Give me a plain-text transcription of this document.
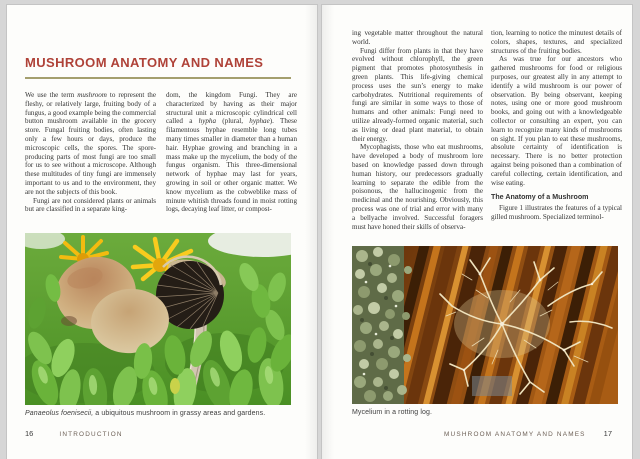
MUSHROOM ANATOMY AND NAMES

We use the term mushroom to represent the fleshy, or relatively large, fruiting body of a fungus, a good example being the commercial button mushroom available in the grocery store. Fungal fruiting bodies, often lasting only a few hours or days, produce the microscopic cells, the spores. The spore-producing parts of most fungi are too small for us to see without a microscope. Although these multitudes of tiny fungi are immensely important to us and to the environment, they are not the subjects of this book.

Fungi are not considered plants or animals but are classified in a separate king-

dom, the kingdom Fungi. They are characterized by having as their major structural unit a microscopic cylindrical cell called a hypha (plural, hyphae). These filamentous hyphae resemble long tubes many times smaller in diameter than a human hair. Hyphae growing and branching in a mass make up the mycelium, the body of the fungus organism. This three-dimensional network of hyphae may last for years, growing in soil or other organic matter. We know mycelium as the cobweblike mass of minute whitish threads found in moist rotting logs, decaying leaf litter, or compost-

Panaeolus foenisecii, a ubiquitous mushroom in grassy areas and gardens.
16	INTRODUCTION

ing vegetable matter throughout the natural world.

Fungi differ from plants in that they have evolved without chlorophyll, the green pigment that promotes photosynthesis in green plants. This life-giving chemical process uses the sun’s energy to make carbohydrates. Nutritional requirements of fungi are similar in some ways to those of humans and other animals: Fungi need to utilize already-formed organic material, such as living or dead plant material, to obtain their energy.

Mycophagists, those who eat mushrooms, have developed a body of mushroom lore based on knowledge passed down through human history, our predecessors gradually learning to separate the edible from the poisonous, the hallucinogenic from the medicinal and the nourishing. Obviously, this process was one of trial and error with many a bellyache involved. Successful foragers must have honed their skills of observa-

tion, learning to notice the minutest details of colors, shapes, textures, and specialized structures of the fruiting bodies.

As was true for our ancestors who gathered mushrooms for food or religious purposes, our greatest ally in any attempt to identify a wild mushroom is our power of observation. By being observant, keeping notes, using one or more good mushroom books, and going out with a knowledgeable collector or consulting an expert, you can learn to recognize many kinds of mushrooms on sight. If you plan to eat these mushrooms, absolute certainty of identification is necessary. There is no better protection against being poisoned than a combination of careful collecting, certain identification, and wise eating.

The Anatomy of a Mushroom

Figure 1 illustrates the features of a typical gilled mushroom. Specialized terminol-

Mycelium in a rotting log.
MUSHROOM ANATOMY AND NAMES 17
